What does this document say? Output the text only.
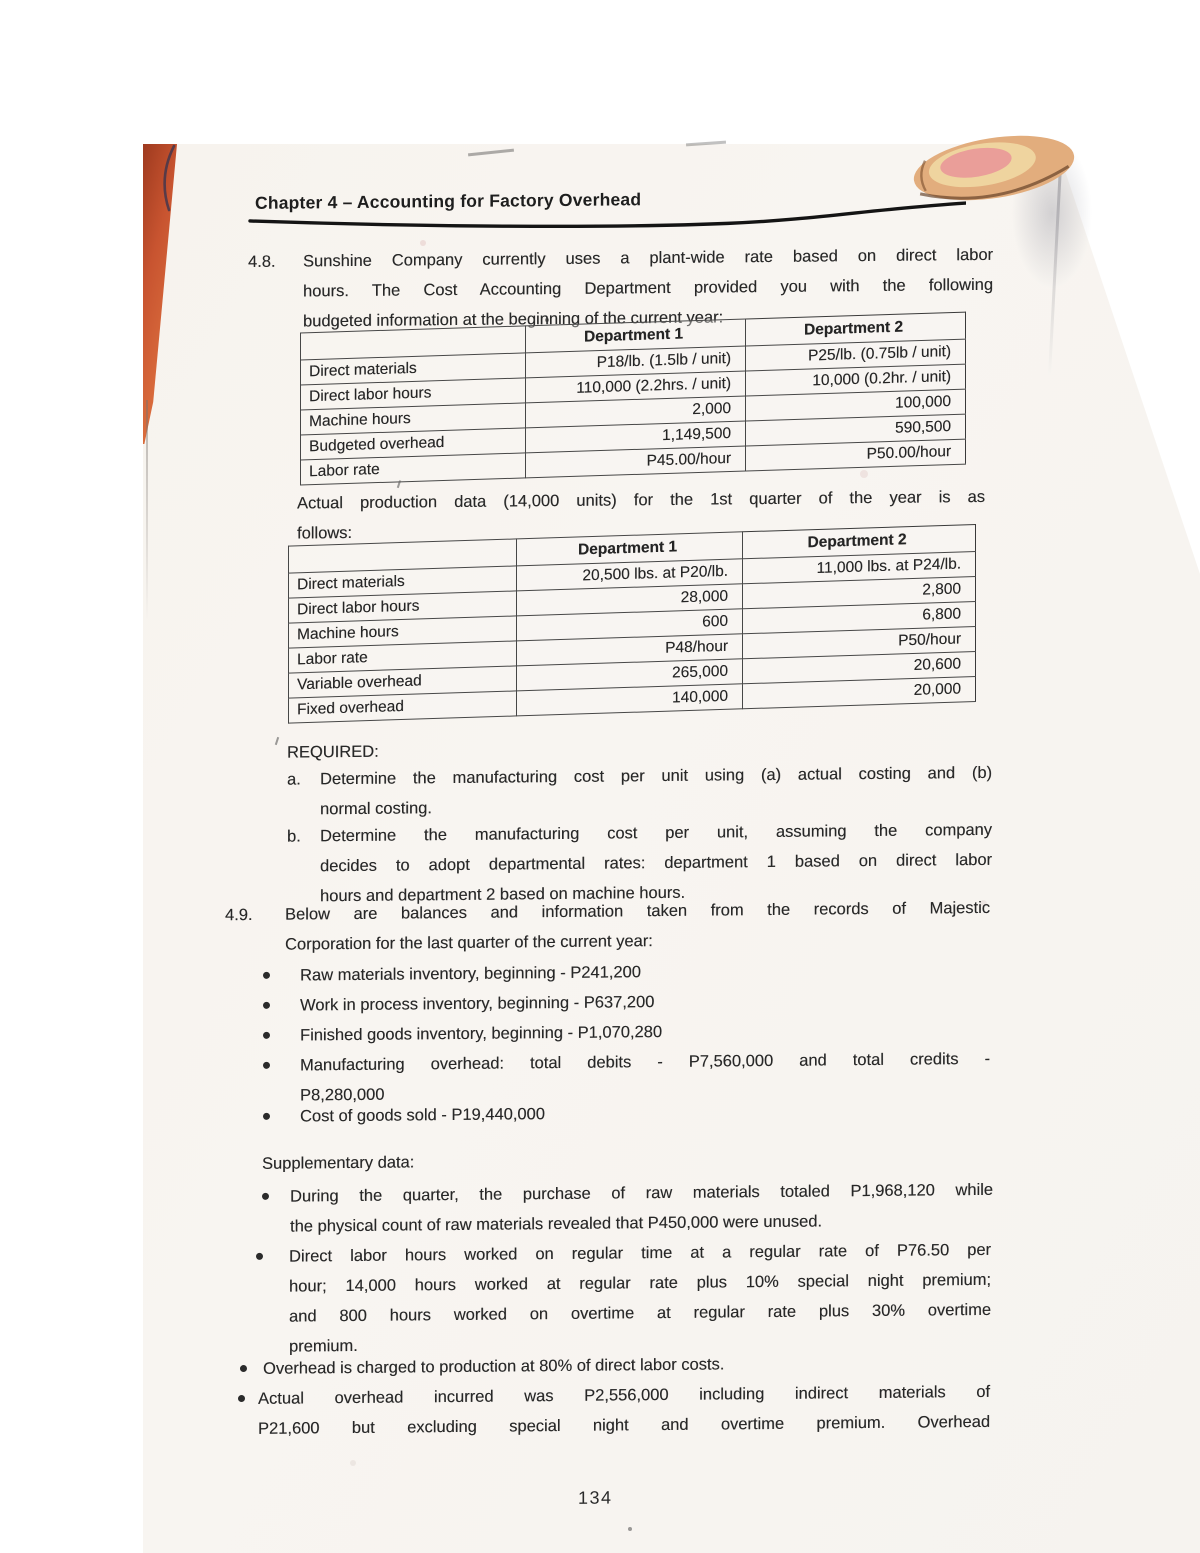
Chapter 4 – Accounting for Factory Overhead
4.8. Sunshine Company currently uses a plant-wide rate based on direct labor
hours. The Cost Accounting Department provided you with the following
budgeted information at the beginning of the current year:
	Department 1	Department 2
Direct materials	P18/lb. (1.5lb / unit)	P25/lb. (0.75lb / unit)
Direct labor hours	110,000 (2.2hrs. / unit)	10,000 (0.2hr. / unit)
Machine hours	2,000	100,000
Budgeted overhead	1,149,500	590,500
Labor rate	P45.00/hour	P50.00/hour
Actual production data (14,000 units) for the 1st quarter of the year is as
follows:
	Department 1	Department 2
Direct materials	20,500 lbs. at P20/lb.	11,000 lbs. at P24/lb.
Direct labor hours	28,000	2,800
Machine hours	600	6,800
Labor rate	P48/hour	P50/hour
Variable overhead	265,000	20,600
Fixed overhead	140,000	20,000
REQUIRED:
a. Determine the manufacturing cost per unit using (a) actual costing and (b)
normal costing.
b. Determine the manufacturing cost per unit, assuming the company
decides to adopt departmental rates: department 1 based on direct labor
hours and department 2 based on machine hours.
4.9. Below are balances and information taken from the records of Majestic
Corporation for the last quarter of the current year:
Raw materials inventory, beginning - P241,200
Work in process inventory, beginning - P637,200
Finished goods inventory, beginning - P1,070,280
Manufacturing overhead: total debits - P7,560,000 and total credits -
P8,280,000
Cost of goods sold - P19,440,000
Supplementary data:
During the quarter, the purchase of raw materials totaled P1,968,120 while
the physical count of raw materials revealed that P450,000 were unused.
Direct labor hours worked on regular time at a regular rate of P76.50 per
hour; 14,000 hours worked at regular rate plus 10% special night premium;
and 800 hours worked on overtime at regular rate plus 30% overtime
premium.
Overhead is charged to production at 80% of direct labor costs.
Actual overhead incurred was P2,556,000 including indirect materials of
P21,600 but excluding special night and overtime premium. Overhead
134
